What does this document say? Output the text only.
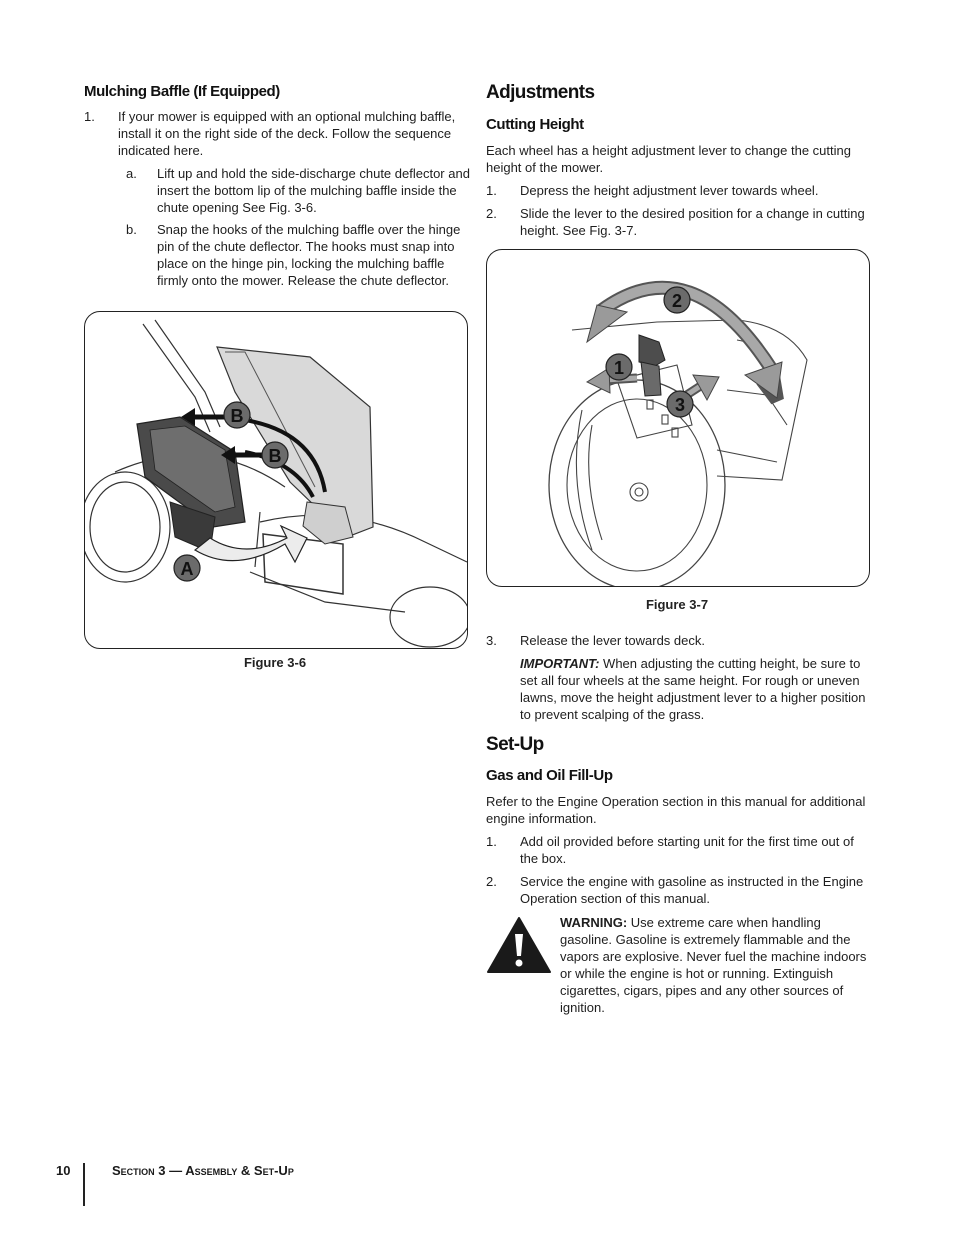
Mulching Baffle (If Equipped)
1. If your mower is equipped with an optional mulching baffle, install it on the right side of the deck. Follow the sequence indicated here.
a. Lift up and hold the side-discharge chute deflector and insert the bottom lip of the mulching baffle inside the chute opening See Fig. 3-6.
b. Snap the hooks of the mulching baffle over the hinge pin of the chute deflector. The hooks must snap into place on the hinge pin, locking the mulching baffle firmly onto the mower. Release the chute deflector.
B
B
A
Figure 3-6
Adjustments
Cutting Height
Each wheel has a height adjustment lever to change the cutting height of the mower.
1. Depress the height adjustment lever towards wheel.
2. Slide the lever to the desired position for a change in cutting height. See Fig. 3-7.
1
2
3
Figure 3-7
3. Release the lever towards deck.
IMPORTANT: When adjusting the cutting height, be sure to set all four wheels at the same height. For rough or uneven lawns, move the height adjustment lever to a higher position to prevent scalping of the grass.
Set-Up
Gas and Oil Fill-Up
Refer to the Engine Operation section in this manual for additional engine information.
1. Add oil provided before starting unit for the first time out of the box.
2. Service the engine with gasoline as instructed in the Engine Operation section of this manual.
WARNING: Use extreme care when handling gasoline. Gasoline is extremely flammable and the vapors are explosive. Never fuel the machine indoors or while the engine is hot or running. Extinguish cigarettes, cigars, pipes and any other sources of ignition.
10	Section 3 — Assembly & Set-Up
